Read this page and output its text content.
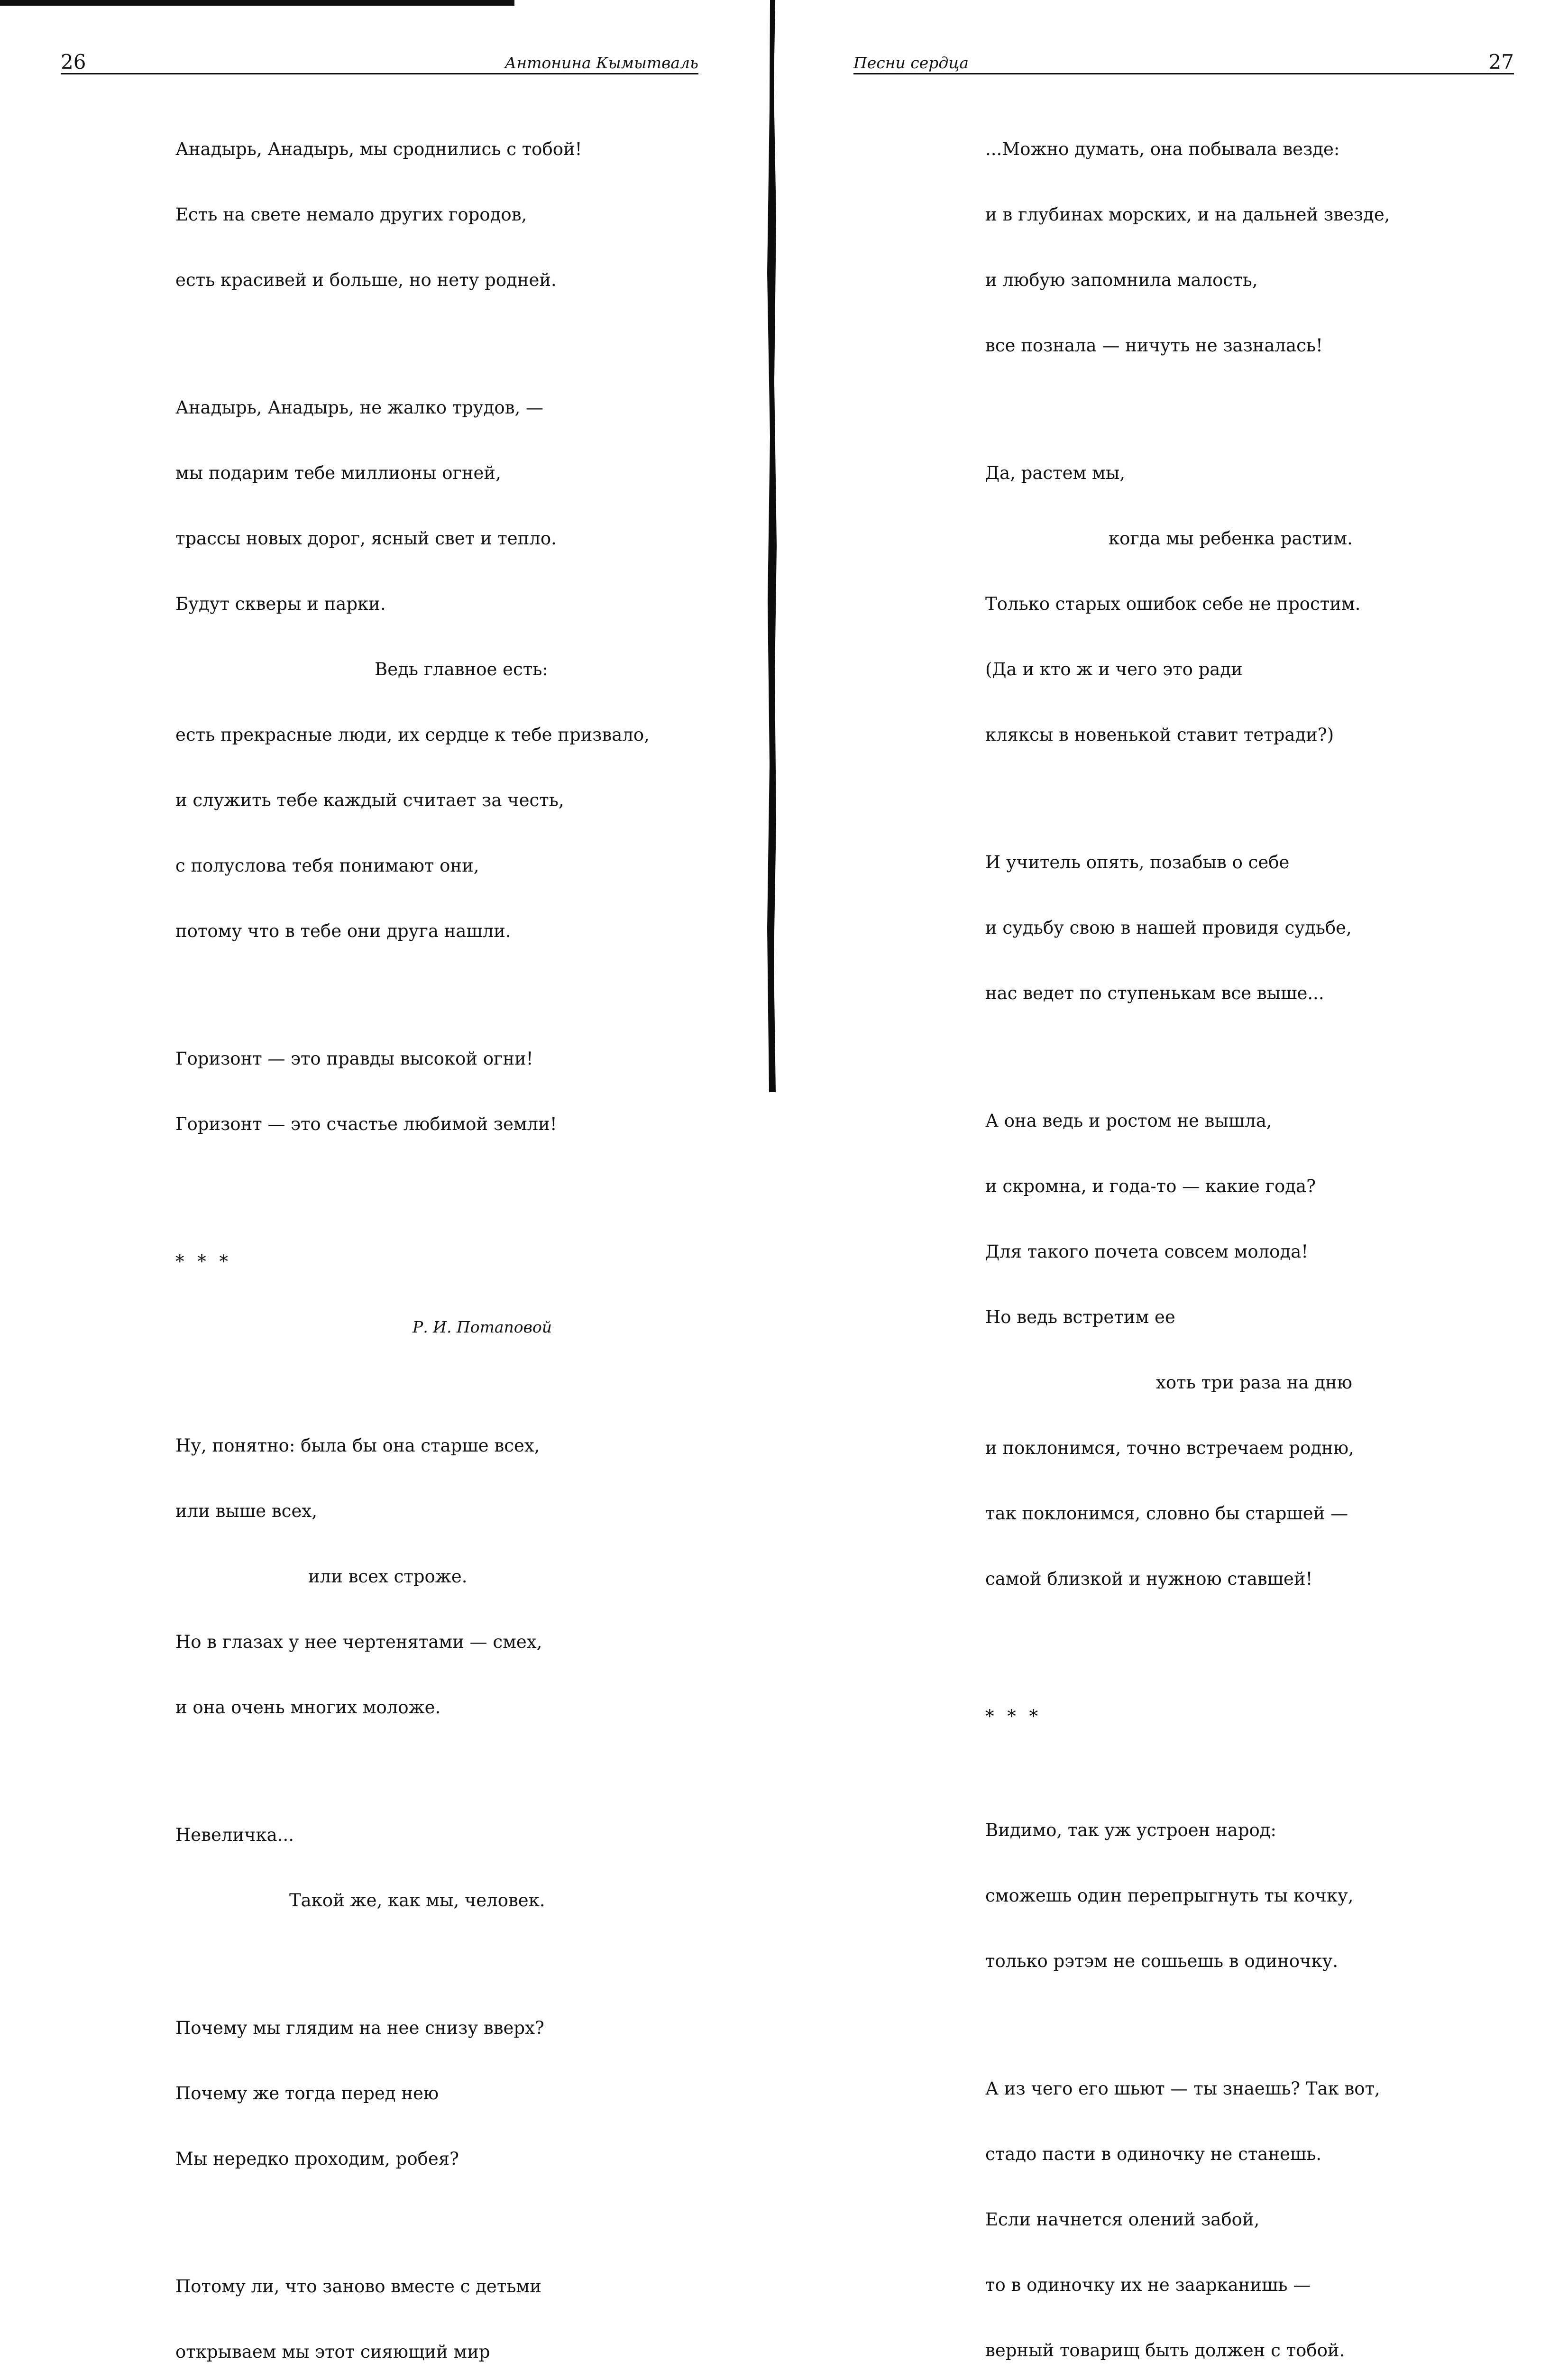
26	Антонина Кымытваль

Анадырь, Анадырь, мы сроднились с тобой!

Есть на свете немало других городов,

есть красивей и больше, но нету родней.

Анадырь, Анадырь, не жалко трудов, —

мы подарим тебе миллионы огней,

трассы новых дорог, ясный свет и тепло.

Будут скверы и парки.

Ведь главное есть:

есть прекрасные люди, их сердце к тебе призвало,

и служить тебе каждый считает за честь,

с полуслова тебя понимают они,

потому что в тебе они друга нашли.

Горизонт — это правды высокой огни!

Горизонт — это счастье любимой земли!

* * *

Р. И. Потаповой

Ну, понятно: была бы она старше всех,

или выше всех,

или всех строже.

Но в глазах у нее чертенятами — смех,

и она очень многих моложе.

Невеличка...

Такой же, как мы, человек.

Почему мы глядим на нее снизу вверх?

Почему же тогда перед нею

Мы нередко проходим, робея?

Потому ли, что заново вместе с детьми

открываем мы этот сияющий мир

Песни сердца	27

...Можно думать, она побывала везде:

и в глубинах морских, и на дальней звезде,

и любую запомнила малость,

все познала — ничуть не зазналась!

Да, растем мы,

когда мы ребенка растим.

Только старых ошибок себе не простим.

(Да и кто ж и чего это ради

кляксы в новенькой ставит тетради?)

И учитель опять, позабыв о себе

и судьбу свою в нашей провидя судьбе,

нас ведет по ступенькам все выше...

А она ведь и ростом не вышла,

и скромна, и года-то — какие года?

Для такого почета совсем молода!

Но ведь встретим ее

хоть три раза на дню

и поклонимся, точно встречаем родню,

так поклонимся, словно бы старшей —

самой близкой и нужною ставшей!

* * *

Видимо, так уж устроен народ:

сможешь один перепрыгнуть ты кочку,

только рэтэм не сошьешь в одиночку.

А из чего его шьют — ты знаешь? Так вот,

стадо пасти в одиночку не станешь.

Если начнется олений забой,

то в одиночку их не заарканишь —

верный товарищ быть должен с тобой.
